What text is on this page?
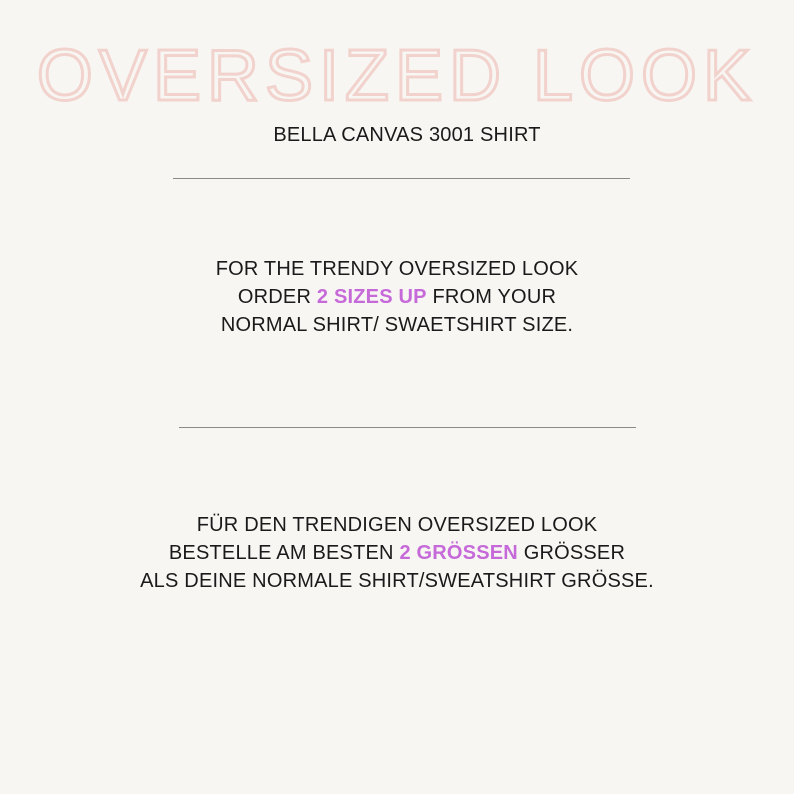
OVERSIZED LOOK
BELLA CANVAS 3001 SHIRT
FOR THE TRENDY OVERSIZED LOOK
ORDER 2 SIZES UP FROM YOUR
NORMAL SHIRT/ SWAETSHIRT SIZE.
FÜR DEN TRENDIGEN OVERSIZED LOOK
BESTELLE AM BESTEN 2 GRÖSSEN GRÖSSER
ALS DEINE NORMALE SHIRT/SWEATSHIRT GRÖSSE.
